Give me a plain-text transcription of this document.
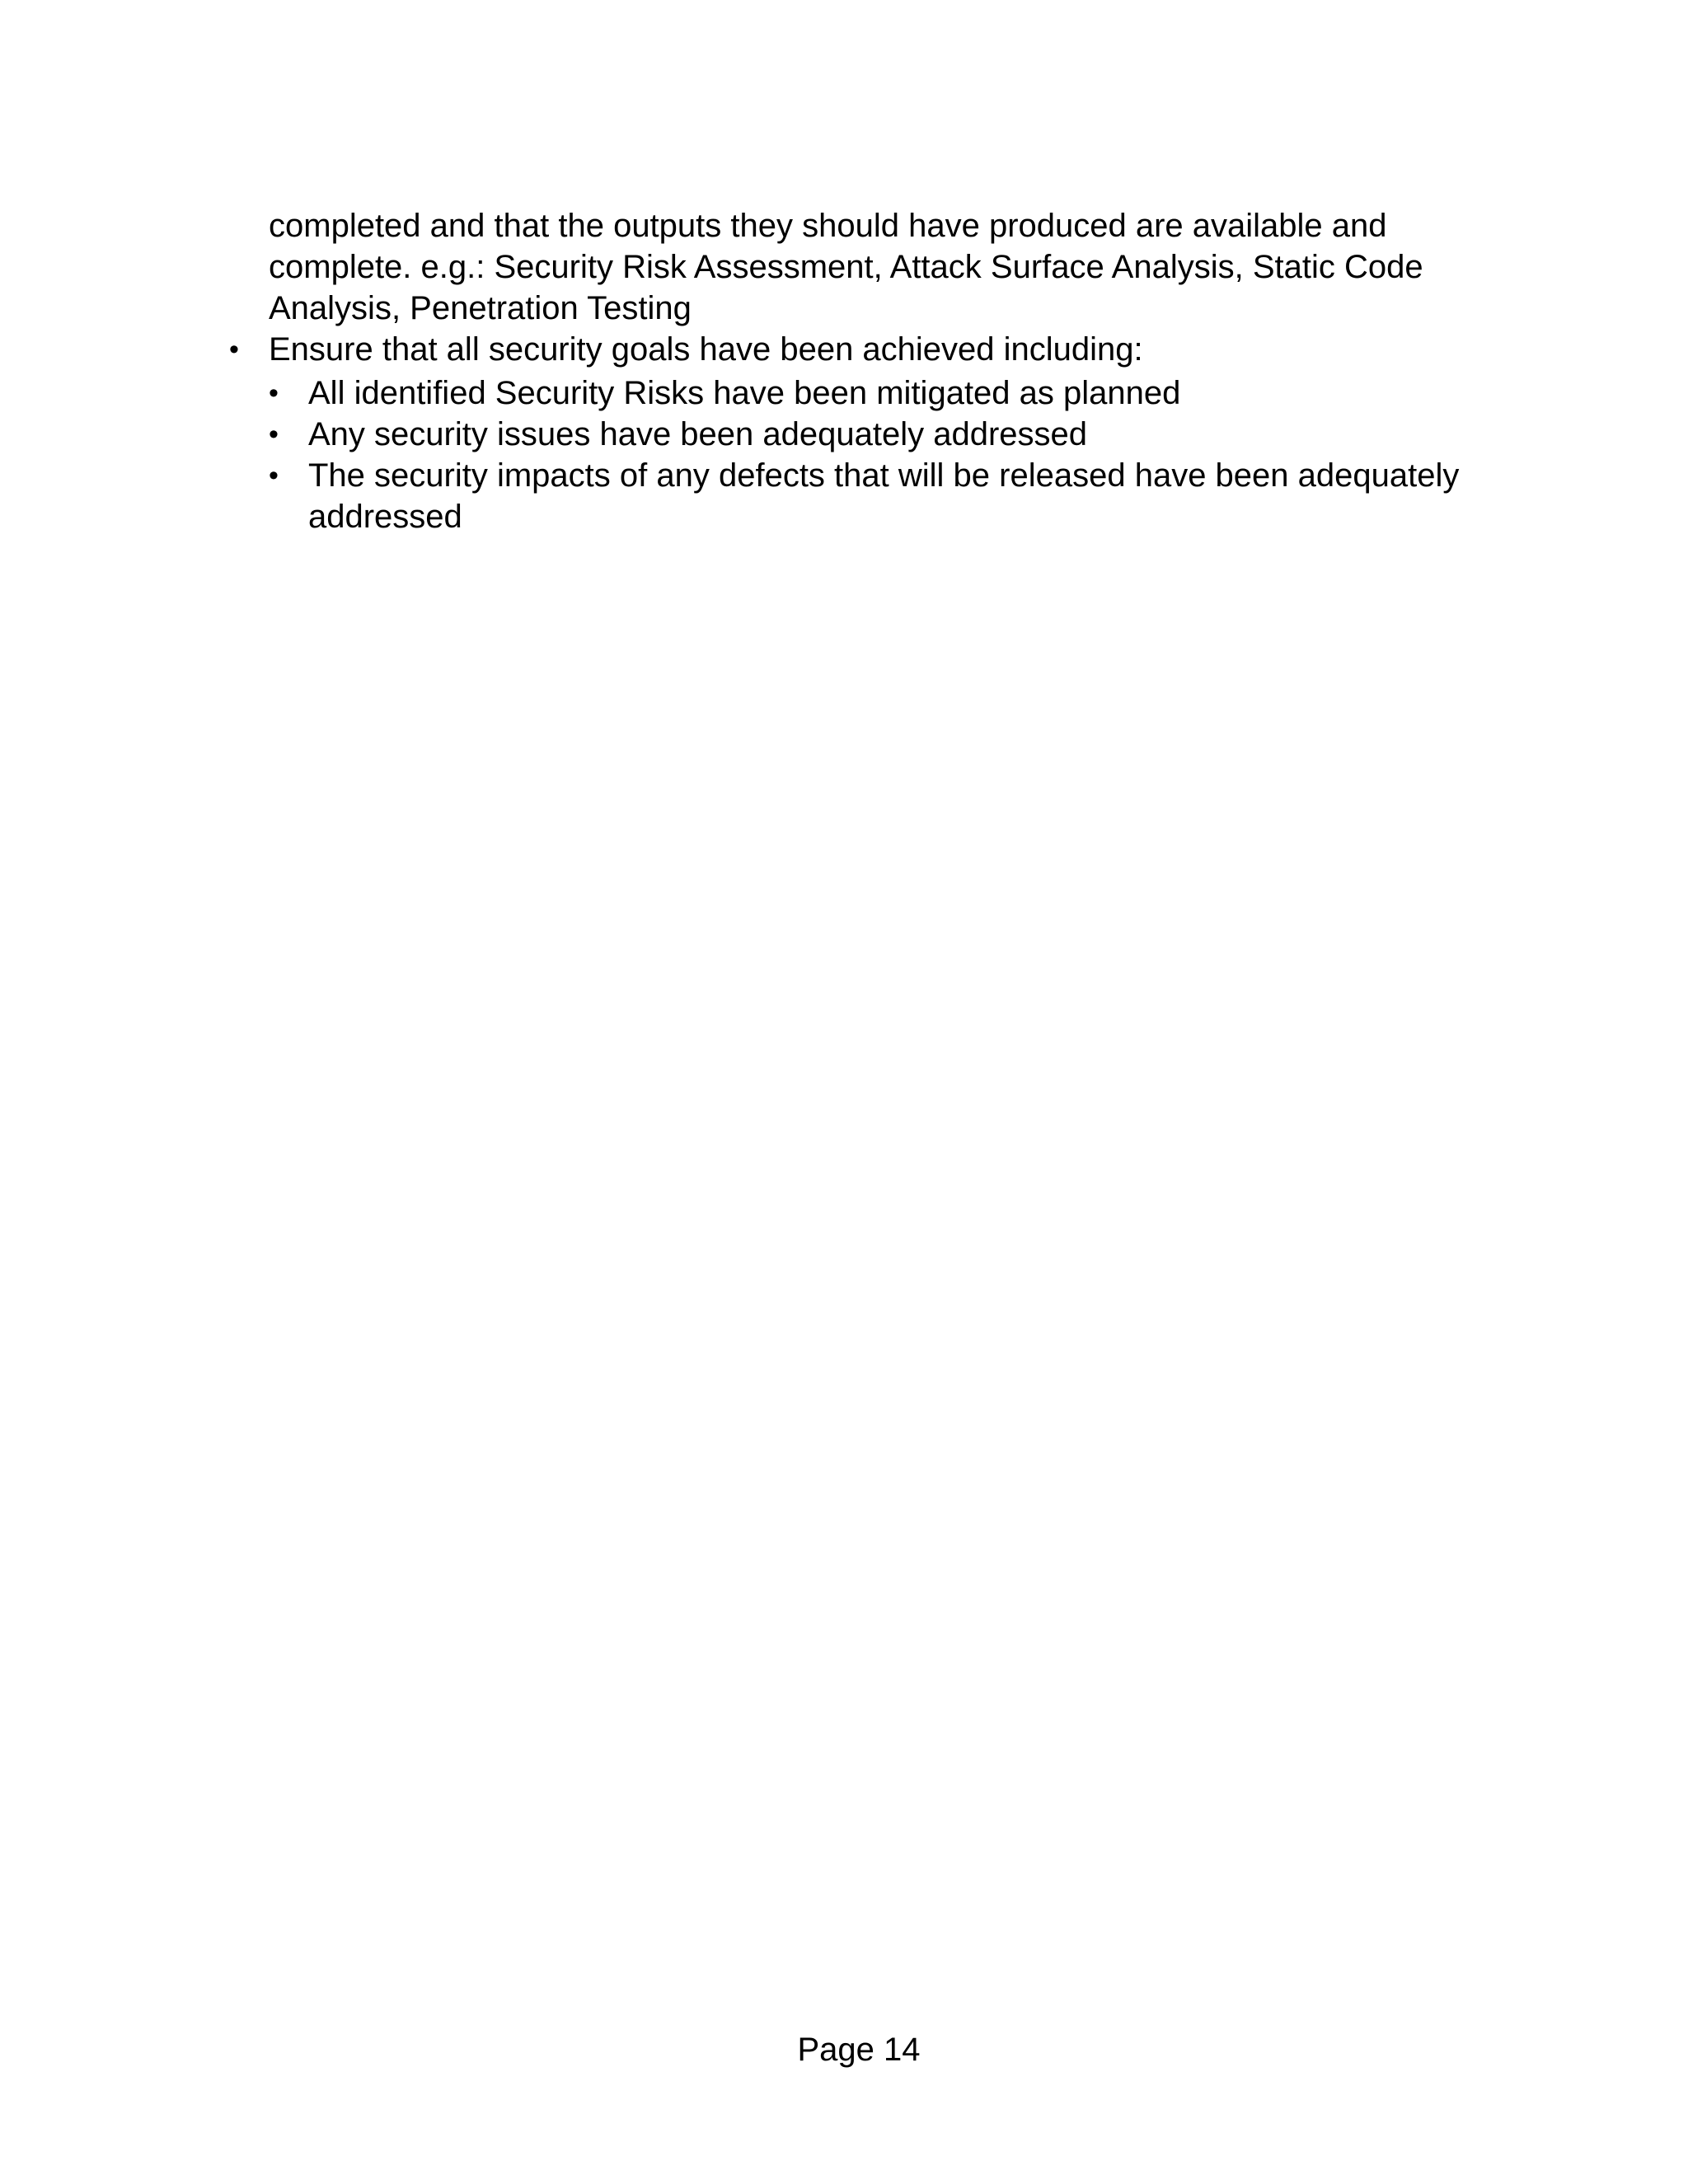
completed and that the outputs they should have produced are available and
complete. e.g.: Security Risk Assessment, Attack Surface Analysis, Static Code
Analysis, Penetration Testing
• Ensure that all security goals have been achieved including:
• All identified Security Risks have been mitigated as planned
• Any security issues have been adequately addressed
• The security impacts of any defects that will be released have been adequately
addressed
Page 14
